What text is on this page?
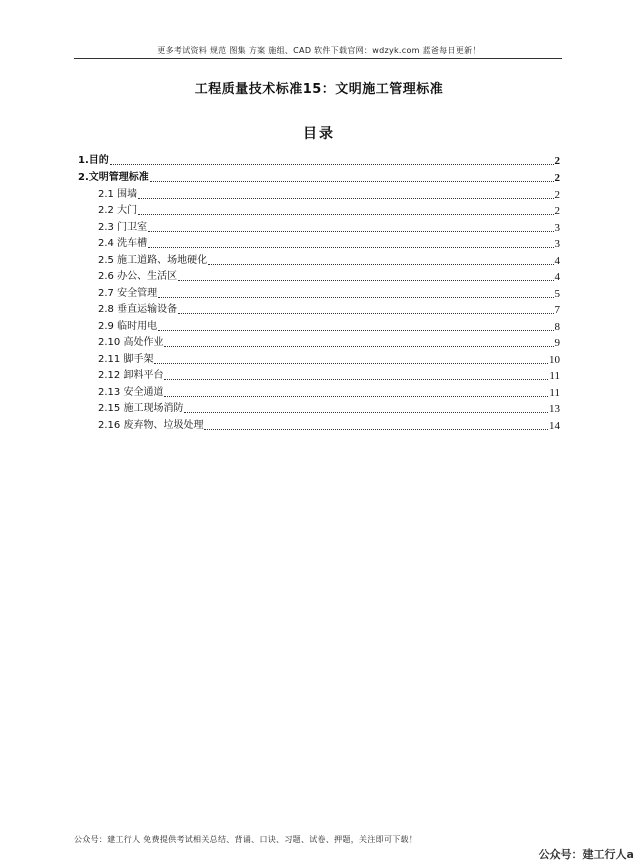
更多考试资料 规范 图集 方案 施组、CAD 软件下载官网：wdzyk.com 蓝爸每日更新！
工程质量技术标准15：文明施工管理标准
目录
1.目的	2
2.文明管理标准	2
2.1 围墙	2
2.2 大门	2
2.3 门卫室	3
2.4 洗车槽	3
2.5 施工道路、场地硬化	4
2.6 办公、生活区	4
2.7 安全管理	5
2.8 垂直运输设备	7
2.9 临时用电	8
2.10 高处作业	9
2.11 脚手架	10
2.12 卸料平台	11
2.13 安全通道	11
2.15 施工现场消防	13
2.16 废弃物、垃圾处理	14
公众号：建工行人 免费提供考试相关总结、背诵、口诀、习题、试卷、押题，关注即可下载！
公众号：建工行人a
